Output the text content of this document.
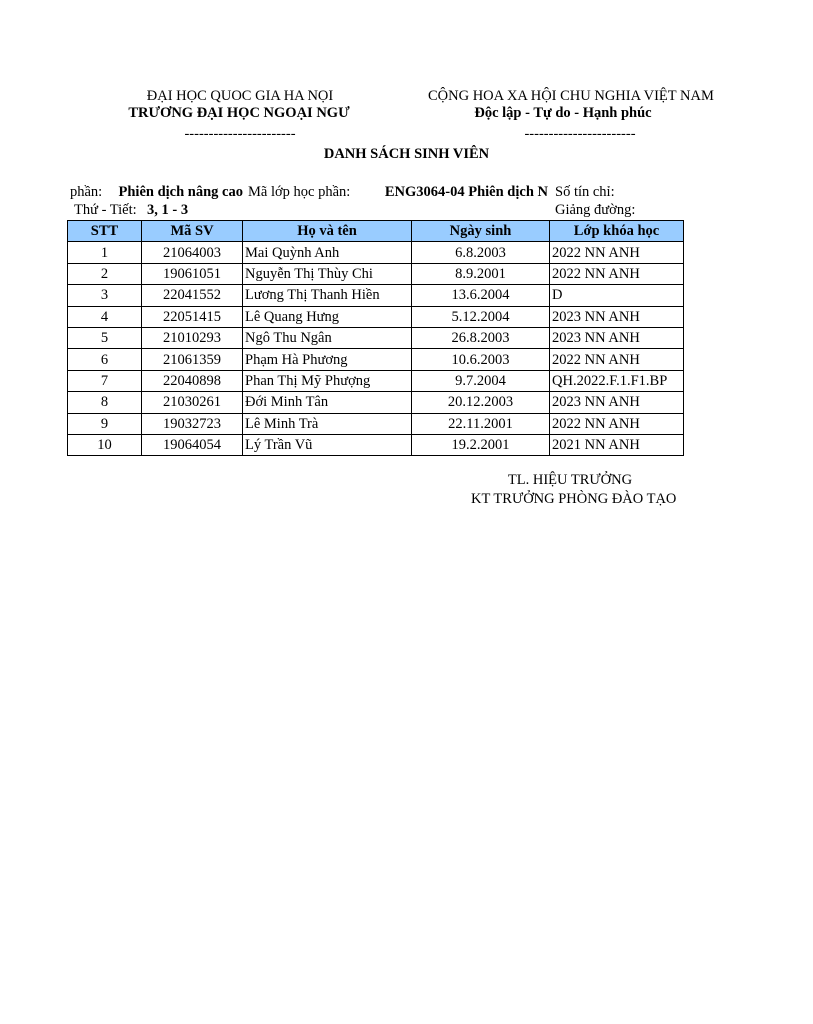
ĐẠI HỌC QUOC GIA HA NỌI
TRƯƠNG ĐẠI HỌC NGOẠI NGƯ
-----------------------
CỘNG HOA XA HỘI CHU NGHIA VIỆT NAM
Độc lập - Tự do - Hạnh phúc
-----------------------
DANH SÁCH SINH VIÊN
phần: Phiên dịch nâng cao Mã lớp học phần: ENG3064-04 Phiên dịch N Số tín chỉ:
Thứ - Tiết: 3, 1 - 3	Giảng đường:
STT	Mã SV	Họ và tên	Ngày sinh	Lớp khóa học
1	21064003	Mai Quỳnh Anh	6.8.2003	2022 NN ANH
2	19061051	Nguyễn Thị Thùy Chi	8.9.2001	2022 NN ANH
3	22041552	Lương Thị Thanh Hiền	13.6.2004	D
4	22051415	Lê Quang Hưng	5.12.2004	2023 NN ANH
5	21010293	Ngô Thu Ngân	26.8.2003	2023 NN ANH
6	21061359	Phạm Hà Phương	10.6.2003	2022 NN ANH
7	22040898	Phan Thị Mỹ Phượng	9.7.2004	QH.2022.F.1.F1.BP
8	21030261	Đới Minh Tân	20.12.2003	2023 NN ANH
9	19032723	Lê Minh Trà	22.11.2001	2022 NN ANH
10	19064054	Lý Trần Vũ	19.2.2001	2021 NN ANH
TL. HIỆU TRƯỞNG
KT TRƯỞNG PHÒNG ĐÀO TẠO
